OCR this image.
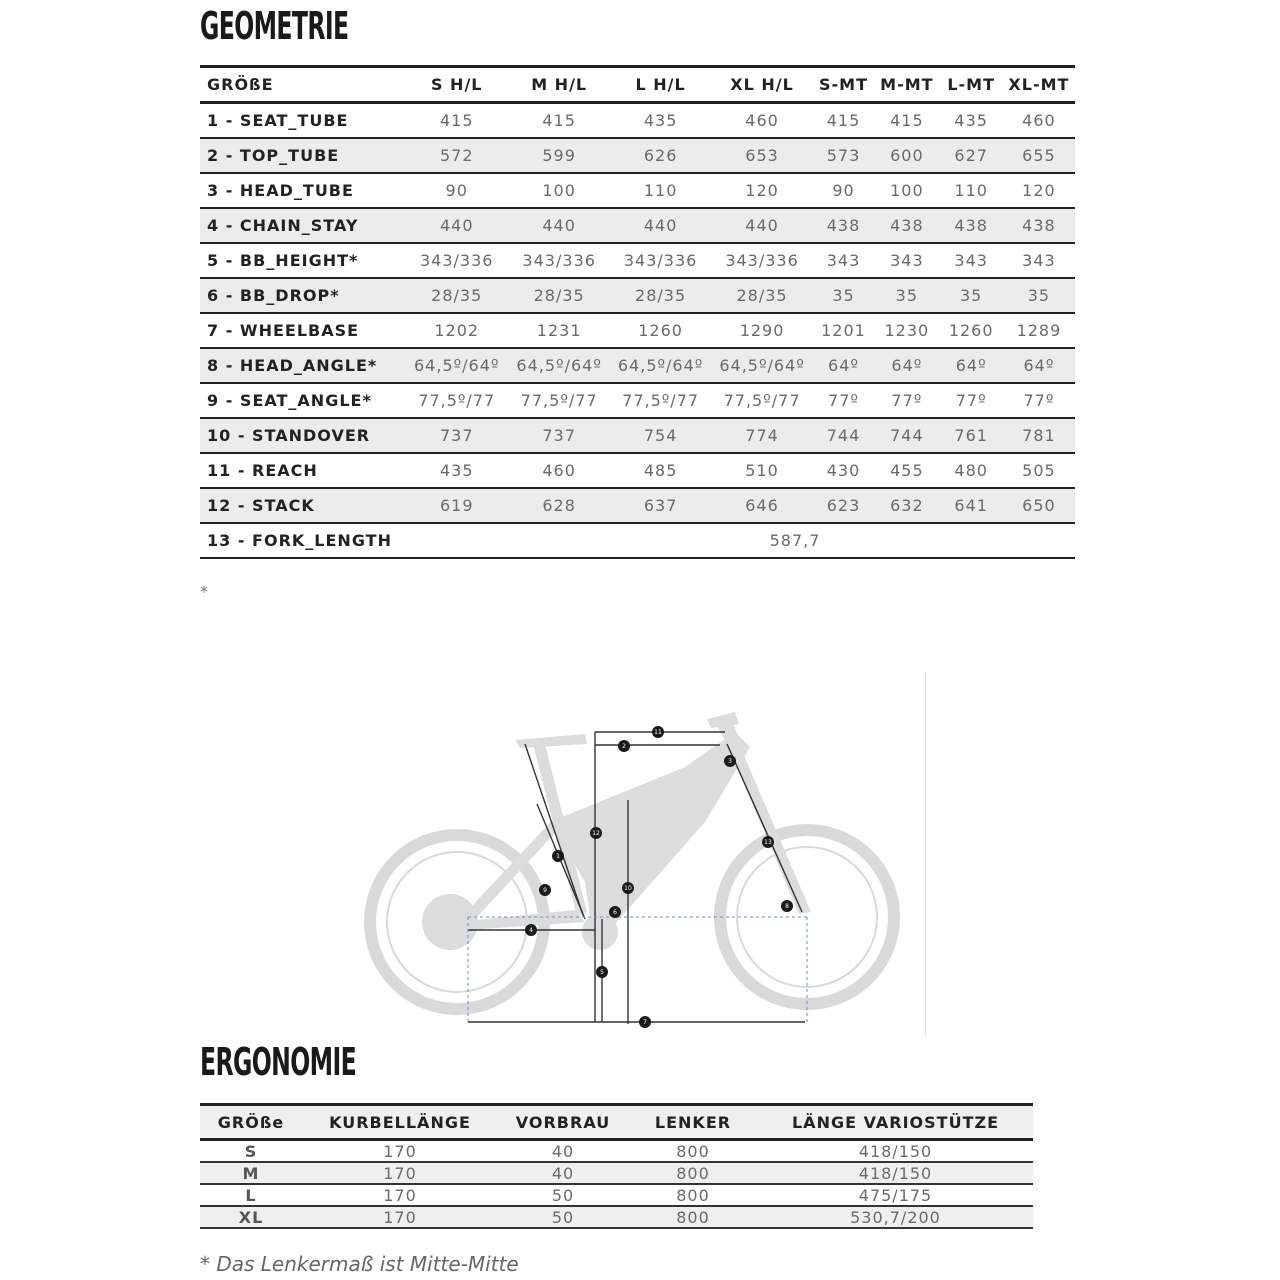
GEOMETRIE
GRÖßE	S H/L	M H/L	L H/L	XL H/L	S-MT	M-MT	L-MT	XL-MT
1 - SEAT_TUBE	415	415	435	460	415	415	435	460
2 - TOP_TUBE	572	599	626	653	573	600	627	655
3 - HEAD_TUBE	90	100	110	120	90	100	110	120
4 - CHAIN_STAY	440	440	440	440	438	438	438	438
5 - BB_HEIGHT*	343/336	343/336	343/336	343/336	343	343	343	343
6 - BB_DROP*	28/35	28/35	28/35	28/35	35	35	35	35
7 - WHEELBASE	1202	1231	1260	1290	1201	1230	1260	1289
8 - HEAD_ANGLE*	64,5º/64º	64,5º/64º	64,5º/64º	64,5º/64º	64º	64º	64º	64º
9 - SEAT_ANGLE*	77,5º/77	77,5º/77	77,5º/77	77,5º/77	77º	77º	77º	77º
10 - STANDOVER	737	737	754	774	744	744	761	781
11 - REACH	435	460	485	510	430	455	480	505
12 - STACK	619	628	637	646	623	632	641	650
13 - FORK_LENGTH	587,7							
*
1
2
3
4
5
6
7
8
9	10
11
12
13
ERGONOMIE
GRÖße	KURBELLÄNGE	VORBRAU	LENKER	LÄNGE VARIOSTÜTZE
S	170	40	800	418/150
M	170	40	800	418/150
L	170	50	800	475/175
XL	170	50	800	530,7/200
* Das Lenkermaß ist Mitte-Mitte
